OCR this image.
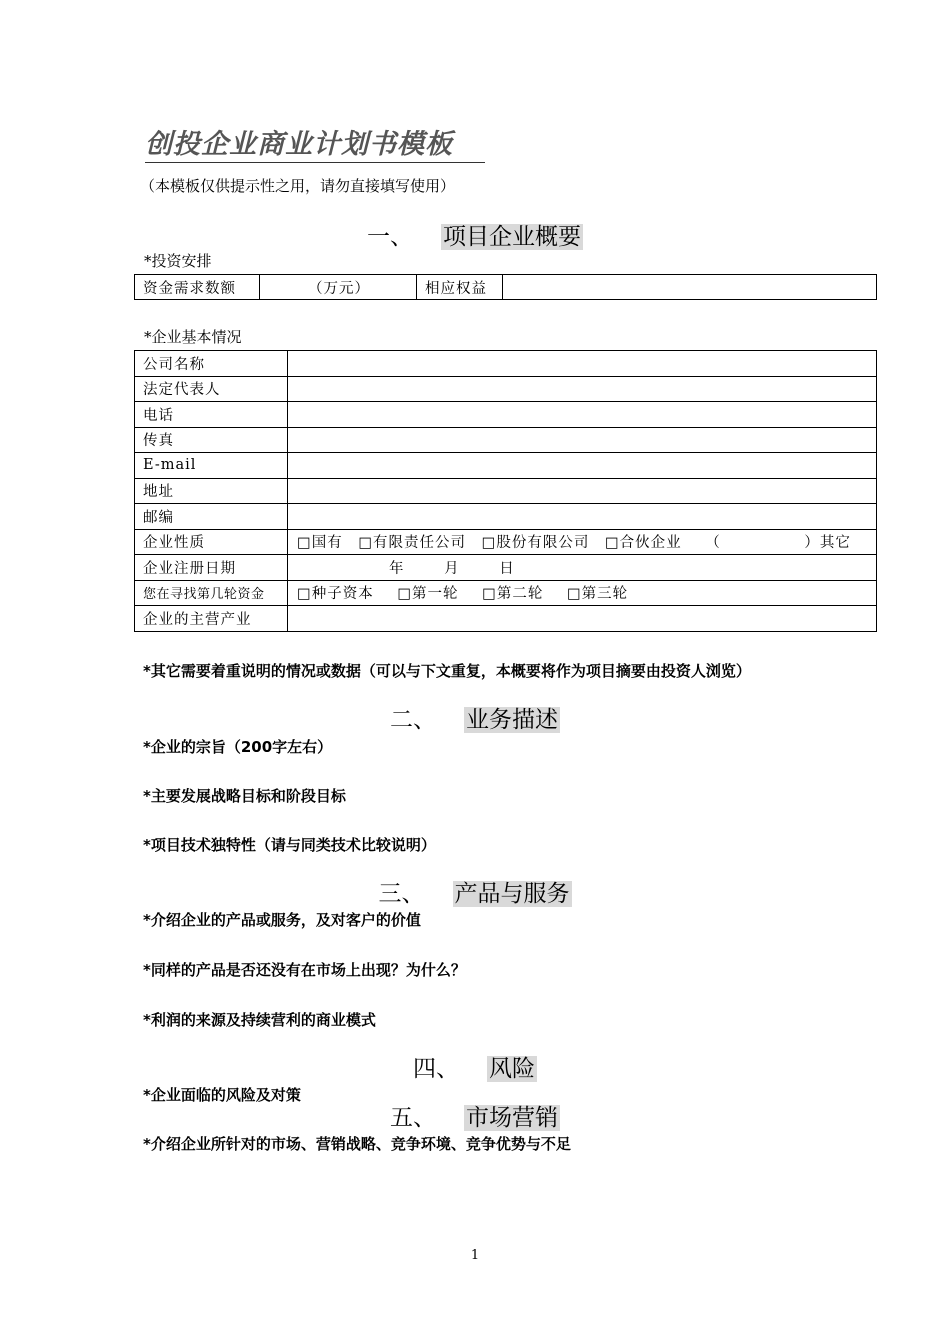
创投企业商业计划书模板
（本模板仅供提示性之用，请勿直接填写使用）
一、 项目企业概要
*投资安排
资金需求数额	（万元）	相应权益	
*企业基本情况
公司名称	
法定代表人	
电话	
传真	
E-mail	
地址	
邮编	
企业性质	□国有 □有限责任公司 □股份有限公司 □合伙企业 （ ）其它
企业注册日期	年 月 日
您在寻找第几轮资金	□种子资本 □第一轮 □第二轮 □第三轮
企业的主营产业	
*其它需要着重说明的情况或数据（可以与下文重复，本概要将作为项目摘要由投资人浏览）
二、 业务描述
*企业的宗旨（200字左右）
*主要发展战略目标和阶段目标
*项目技术独特性（请与同类技术比较说明）
三、 产品与服务
*介绍企业的产品或服务，及对客户的价值
*同样的产品是否还没有在市场上出现？为什么？
*利润的来源及持续营利的商业模式
四、 风险
*企业面临的风险及对策
五、 市场营销
*介绍企业所针对的市场、营销战略、竞争环境、竞争优势与不足
1
